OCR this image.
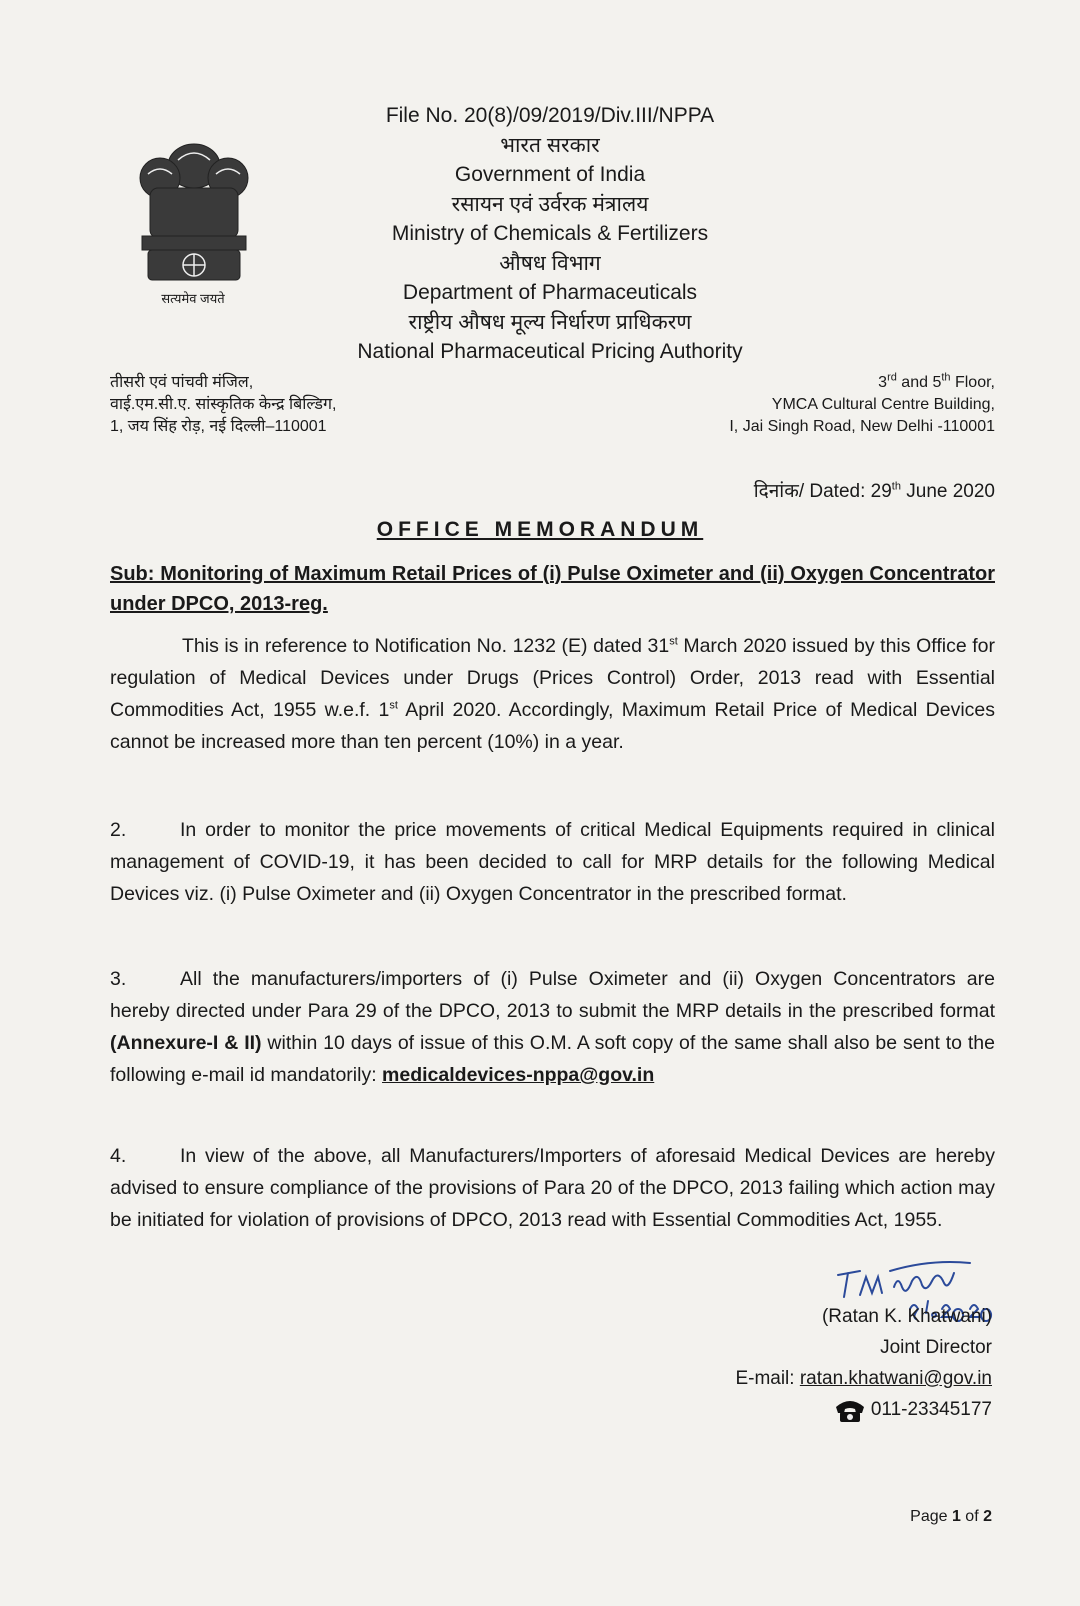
सत्यमेव जयते
File No. 20(8)/09/2019/Div.III/NPPA
भारत सरकार
Government of India
रसायन एवं उर्वरक मंत्रालय
Ministry of Chemicals & Fertilizers
औषध विभाग
Department of Pharmaceuticals
राष्ट्रीय औषध मूल्य निर्धारण प्राधिकरण
National Pharmaceutical Pricing Authority
तीसरी एवं पांचवी मंजिल,
वाई.एम.सी.ए. सांस्कृतिक केन्द्र बिल्डिग,
1, जय सिंह रोड़, नई दिल्ली–110001
3rd and 5th Floor,
YMCA Cultural Centre Building,
I, Jai Singh Road, New Delhi -110001
दिनांक/ Dated: 29th June 2020
OFFICE MEMORANDUM
Sub: Monitoring of Maximum Retail Prices of (i) Pulse Oximeter and (ii) Oxygen Concentrator under DPCO, 2013-reg.
This is in reference to Notification No. 1232 (E) dated 31st March 2020 issued by this Office for regulation of Medical Devices under Drugs (Prices Control) Order, 2013 read with Essential Commodities Act, 1955 w.e.f. 1st April 2020. Accordingly, Maximum Retail Price of Medical Devices cannot be increased more than ten percent (10%) in a year.
2.	In order to monitor the price movements of critical Medical Equipments required in clinical management of COVID-19, it has been decided to call for MRP details for the following Medical Devices viz. (i) Pulse Oximeter and (ii) Oxygen Concentrator in the prescribed format.
3.	All the manufacturers/importers of (i) Pulse Oximeter and (ii) Oxygen Concentrators are hereby directed under Para 29 of the DPCO, 2013 to submit the MRP details in the prescribed format (Annexure-I & II) within 10 days of issue of this O.M. A soft copy of the same shall also be sent to the following e-mail id mandatorily: medicaldevices-nppa@gov.in
4.	In view of the above, all Manufacturers/Importers of aforesaid Medical Devices are hereby advised to ensure compliance of the provisions of Para 20 of the DPCO, 2013 failing which action may be initiated for violation of provisions of DPCO, 2013 read with Essential Commodities Act, 1955.
(Ratan K. Khatwani)
Joint Director
E-mail: ratan.khatwani@gov.in
011-23345177
Page 1 of 2
